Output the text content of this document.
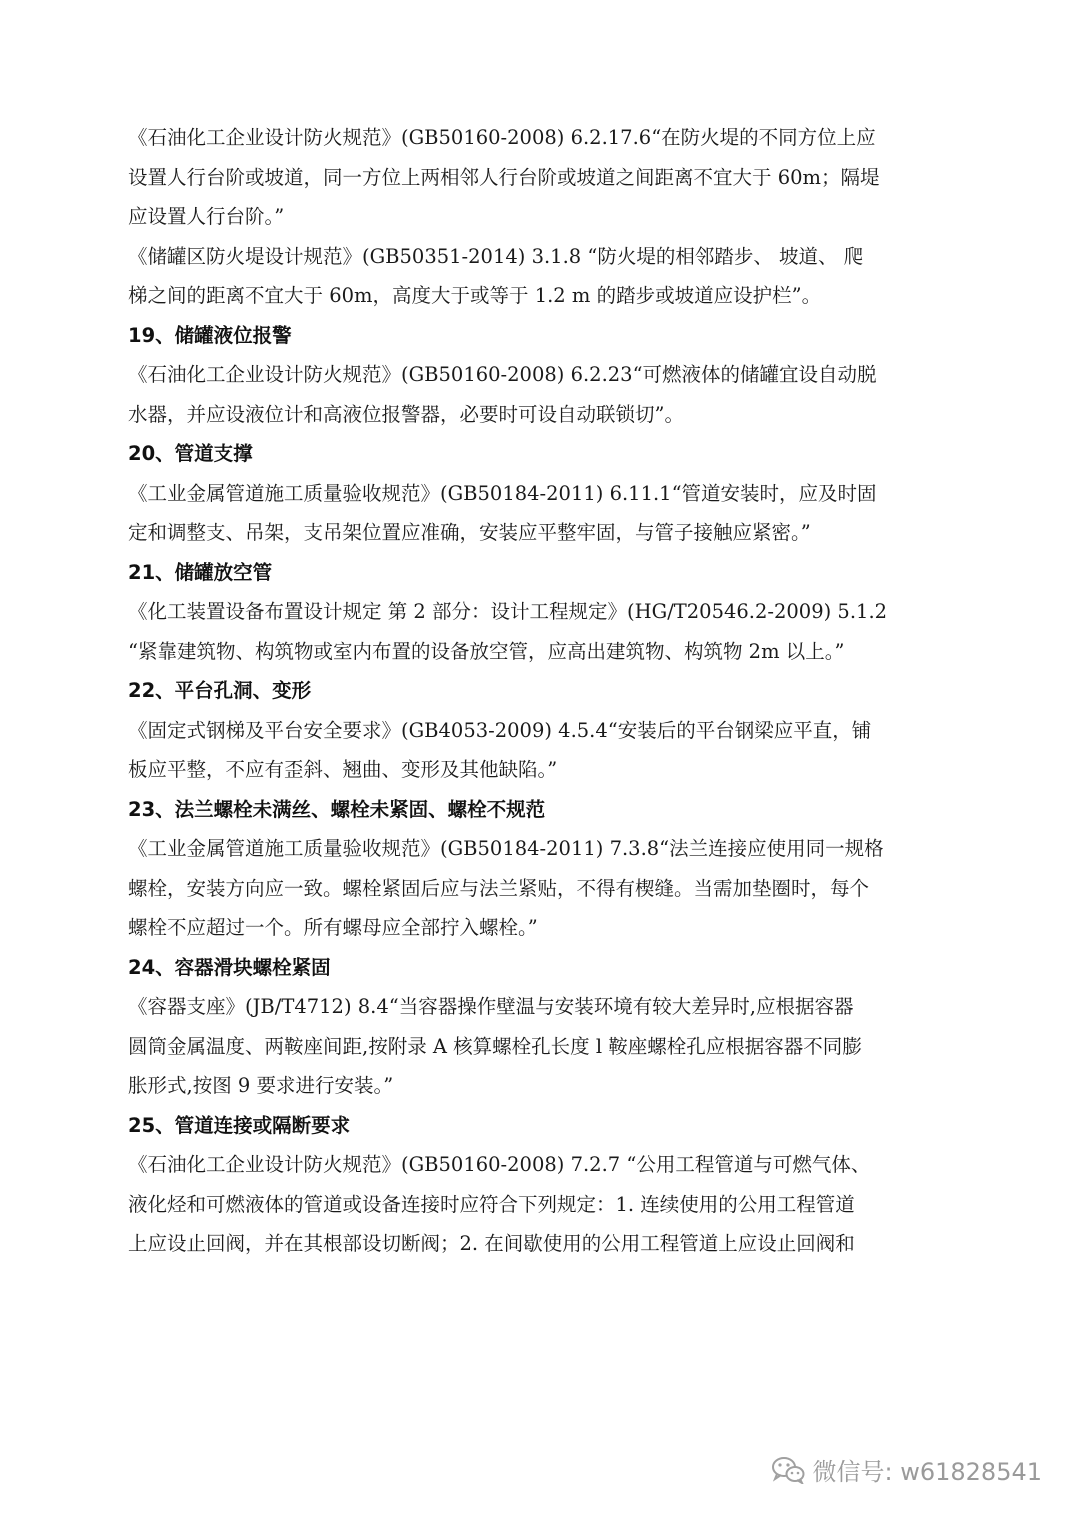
《石油化工企业设计防火规范》(GB50160-2008) 6.2.17.6“在防火堤的不同方位上应
设置人行台阶或坡道，同一方位上两相邻人行台阶或坡道之间距离不宜大于 60m；隔堤
应设置人行台阶。”

《储罐区防火堤设计规范》(GB50351-2014) 3.1.8 “防火堤的相邻踏步、 坡道、 爬
梯之间的距离不宜大于 60m，高度大于或等于 1.2 m 的踏步或坡道应设护栏”。

19、储罐液位报警

《石油化工企业设计防火规范》(GB50160-2008) 6.2.23“可燃液体的储罐宜设自动脱
水器，并应设液位计和高液位报警器，必要时可设自动联锁切”。

20、管道支撑

《工业金属管道施工质量验收规范》(GB50184-2011) 6.11.1“管道安装时，应及时固
定和调整支、吊架，支吊架位置应准确，安装应平整牢固，与管子接触应紧密。”

21、储罐放空管

《化工装置设备布置设计规定 第 2 部分：设计工程规定》(HG/T20546.2-2009) 5.1.2
“紧靠建筑物、构筑物或室内布置的设备放空管，应高出建筑物、构筑物 2m 以上。”

22、平台孔洞、变形

《固定式钢梯及平台安全要求》(GB4053-2009) 4.5.4“安装后的平台钢梁应平直，铺
板应平整，不应有歪斜、翘曲、变形及其他缺陷。”

23、法兰螺栓未满丝、螺栓未紧固、螺栓不规范

《工业金属管道施工质量验收规范》(GB50184-2011) 7.3.8“法兰连接应使用同一规格
螺栓，安装方向应一致。螺栓紧固后应与法兰紧贴，不得有楔缝。当需加垫圈时，每个
螺栓不应超过一个。所有螺母应全部拧入螺栓。”

24、容器滑块螺栓紧固

《容器支座》(JB/T4712) 8.4“当容器操作壁温与安装环境有较大差异时,应根据容器
圆筒金属温度、两鞍座间距,按附录 A 核算螺栓孔长度 l 鞍座螺栓孔应根据容器不同膨
胀形式,按图 9 要求进行安装。”

25、管道连接或隔断要求

《石油化工企业设计防火规范》(GB50160-2008) 7.2.7 “公用工程管道与可燃气体、
液化烃和可燃液体的管道或设备连接时应符合下列规定：1. 连续使用的公用工程管道
上应设止回阀，并在其根部设切断阀；2. 在间歇使用的公用工程管道上应设止回阀和

微信号: w61828541
